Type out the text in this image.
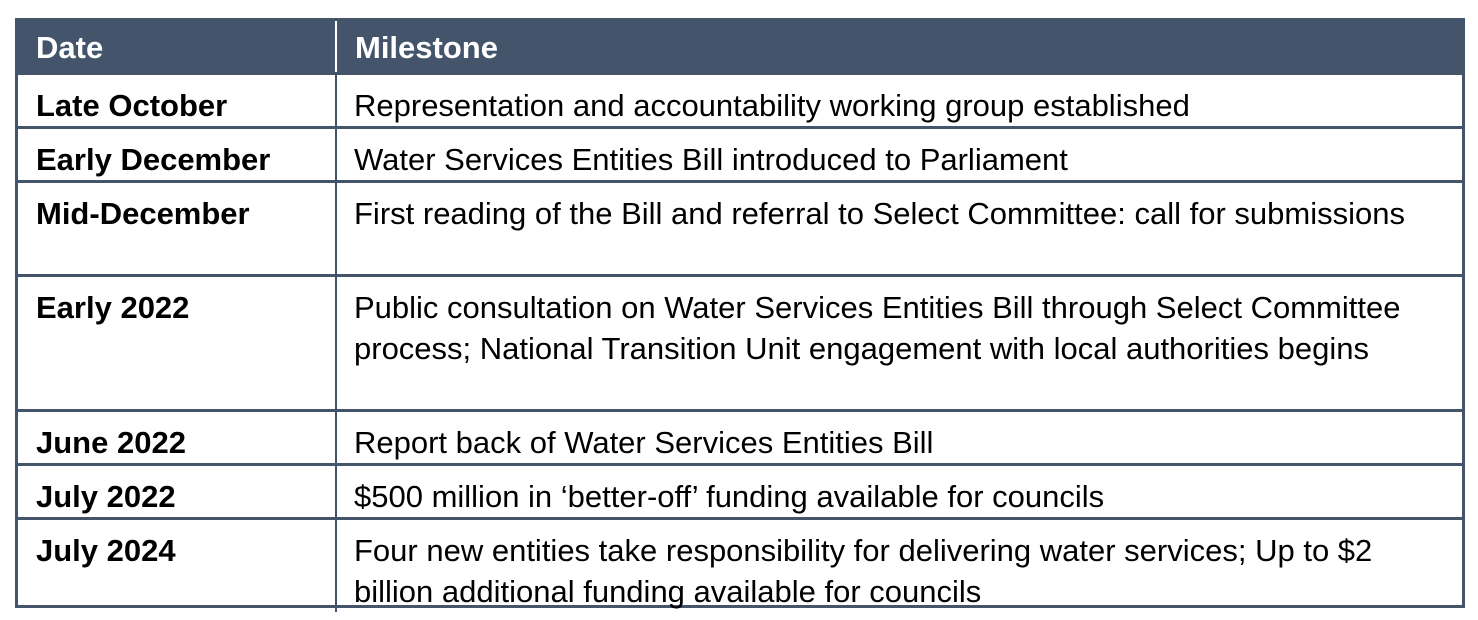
Date	Milestone
Late October	Representation and accountability working group established
Early December	Water Services Entities Bill introduced to Parliament
Mid-December	First reading of the Bill and referral to Select Committee: call for submissions
Early 2022	Public consultation on Water Services Entities Bill through Select Committee process; National Transition Unit engagement with local authorities begins
June 2022	Report back of Water Services Entities Bill
July 2022	$500 million in ‘better-off’ funding available for councils
July 2024	Four new entities take responsibility for delivering water services; Up to $2 billion additional funding available for councils
